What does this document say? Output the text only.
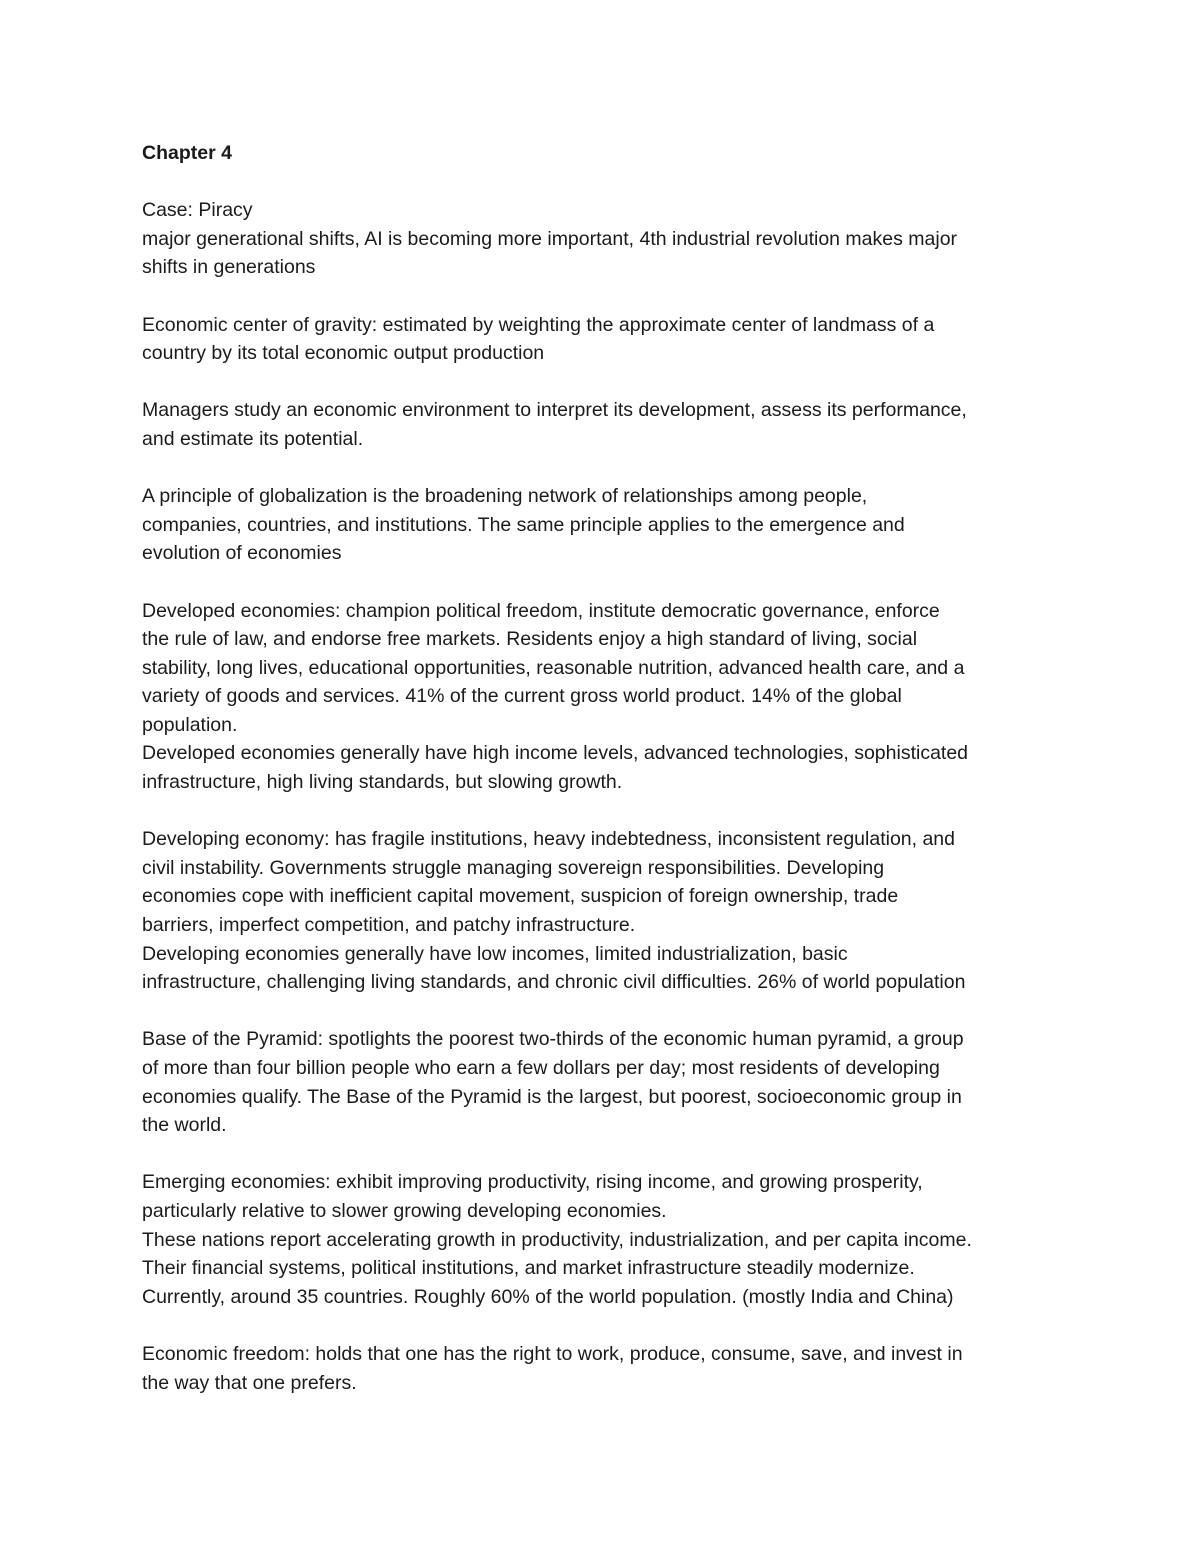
Chapter 4

Case: Piracy

major generational shifts, AI is becoming more important, 4th industrial revolution makes major

shifts in generations

Economic center of gravity: estimated by weighting the approximate center of landmass of a

country by its total economic output production

Managers study an economic environment to interpret its development, assess its performance,

and estimate its potential.

A principle of globalization is the broadening network of relationships among people,

companies, countries, and institutions. The same principle applies to the emergence and

evolution of economies

Developed economies: champion political freedom, institute democratic governance, enforce

the rule of law, and endorse free markets. Residents enjoy a high standard of living, social

stability, long lives, educational opportunities, reasonable nutrition, advanced health care, and a

variety of goods and services. 41% of the current gross world product. 14% of the global

population.

Developed economies generally have high income levels, advanced technologies, sophisticated

infrastructure, high living standards, but slowing growth.

Developing economy: has fragile institutions, heavy indebtedness, inconsistent regulation, and

civil instability. Governments struggle managing sovereign responsibilities. Developing

economies cope with inefficient capital movement, suspicion of foreign ownership, trade

barriers, imperfect competition, and patchy infrastructure.

Developing economies generally have low incomes, limited industrialization, basic

infrastructure, challenging living standards, and chronic civil difficulties. 26% of world population

Base of the Pyramid: spotlights the poorest two-thirds of the economic human pyramid, a group

of more than four billion people who earn a few dollars per day; most residents of developing

economies qualify. The Base of the Pyramid is the largest, but poorest, socioeconomic group in

the world.

Emerging economies: exhibit improving productivity, rising income, and growing prosperity,

particularly relative to slower growing developing economies.

These nations report accelerating growth in productivity, industrialization, and per capita income.

Their financial systems, political institutions, and market infrastructure steadily modernize.

Currently, around 35 countries. Roughly 60% of the world population. (mostly India and China)

Economic freedom: holds that one has the right to work, produce, consume, save, and invest in

the way that one prefers.
